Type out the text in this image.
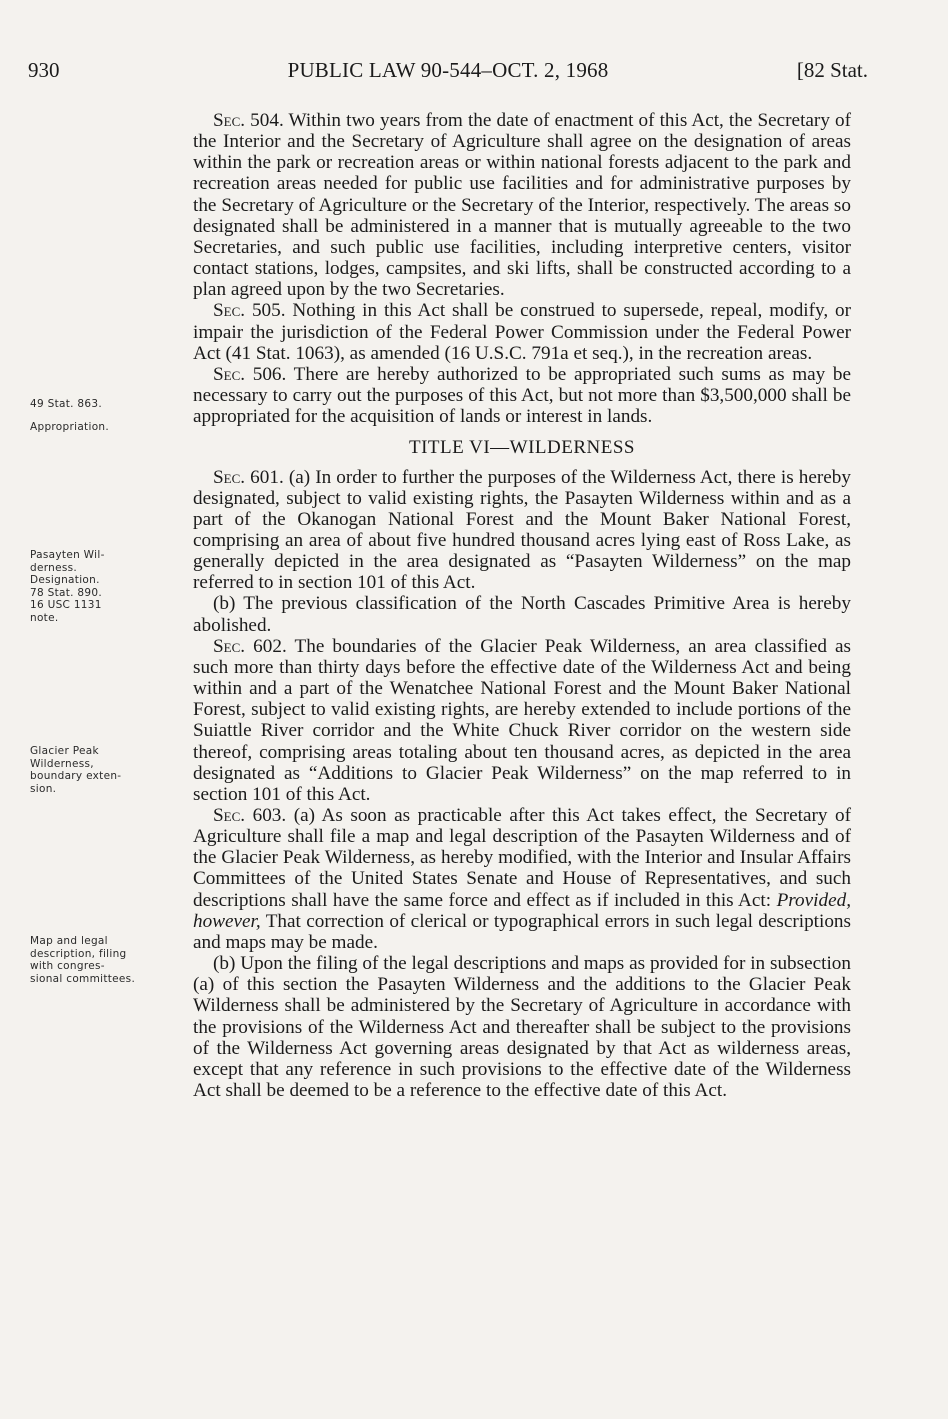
930	PUBLIC LAW 90-544–OCT. 2, 1968	[82 Stat.
49 Stat. 863.
Appropriation.
Pasayten Wil-
derness.
Designation.
78 Stat. 890.
16 USC 1131
note.
Glacier Peak
Wilderness,
boundary exten-
sion.
Map and legal
description, filing
with congres-
sional committees.

Sec. 504. Within two years from the date of enactment of this Act, the Secretary of the Interior and the Secretary of Agriculture shall agree on the designation of areas within the park or recreation areas or within national forests adjacent to the park and recreation areas needed for public use facilities and for administrative purposes by the Secretary of Agriculture or the Secretary of the Interior, respectively. The areas so designated shall be administered in a manner that is mutually agreeable to the two Secretaries, and such public use facilities, including interpretive centers, visitor contact stations, lodges, campsites, and ski lifts, shall be constructed according to a plan agreed upon by the two Secretaries.

Sec. 505. Nothing in this Act shall be construed to supersede, repeal, modify, or impair the jurisdiction of the Federal Power Commission under the Federal Power Act (41 Stat. 1063), as amended (16 U.S.C. 791a et seq.), in the recreation areas.

Sec. 506. There are hereby authorized to be appropriated such sums as may be necessary to carry out the purposes of this Act, but not more than $3,500,000 shall be appropriated for the acquisition of lands or interest in lands.

TITLE VI—WILDERNESS

Sec. 601. (a) In order to further the purposes of the Wilderness Act, there is hereby designated, subject to valid existing rights, the Pasayten Wilderness within and as a part of the Okanogan National Forest and the Mount Baker National Forest, comprising an area of about five hundred thousand acres lying east of Ross Lake, as generally depicted in the area designated as “Pasayten Wilderness” on the map referred to in section 101 of this Act.

(b) The previous classification of the North Cascades Primitive Area is hereby abolished.

Sec. 602. The boundaries of the Glacier Peak Wilderness, an area classified as such more than thirty days before the effective date of the Wilderness Act and being within and a part of the Wenatchee National Forest and the Mount Baker National Forest, subject to valid existing rights, are hereby extended to include portions of the Suiattle River corridor and the White Chuck River corridor on the western side thereof, comprising areas totaling about ten thousand acres, as depicted in the area designated as “Additions to Glacier Peak Wilderness” on the map referred to in section 101 of this Act.

Sec. 603. (a) As soon as practicable after this Act takes effect, the Secretary of Agriculture shall file a map and legal description of the Pasayten Wilderness and of the Glacier Peak Wilderness, as hereby modified, with the Interior and Insular Affairs Committees of the United States Senate and House of Representatives, and such descriptions shall have the same force and effect as if included in this Act: Provided, however, That correction of clerical or typographical errors in such legal descriptions and maps may be made.

(b) Upon the filing of the legal descriptions and maps as provided for in subsection (a) of this section the Pasayten Wilderness and the additions to the Glacier Peak Wilderness shall be administered by the Secretary of Agriculture in accordance with the provisions of the Wilderness Act and thereafter shall be subject to the provisions of the Wilderness Act governing areas designated by that Act as wilderness areas, except that any reference in such provisions to the effective date of the Wilderness Act shall be deemed to be a reference to the effective date of this Act.
